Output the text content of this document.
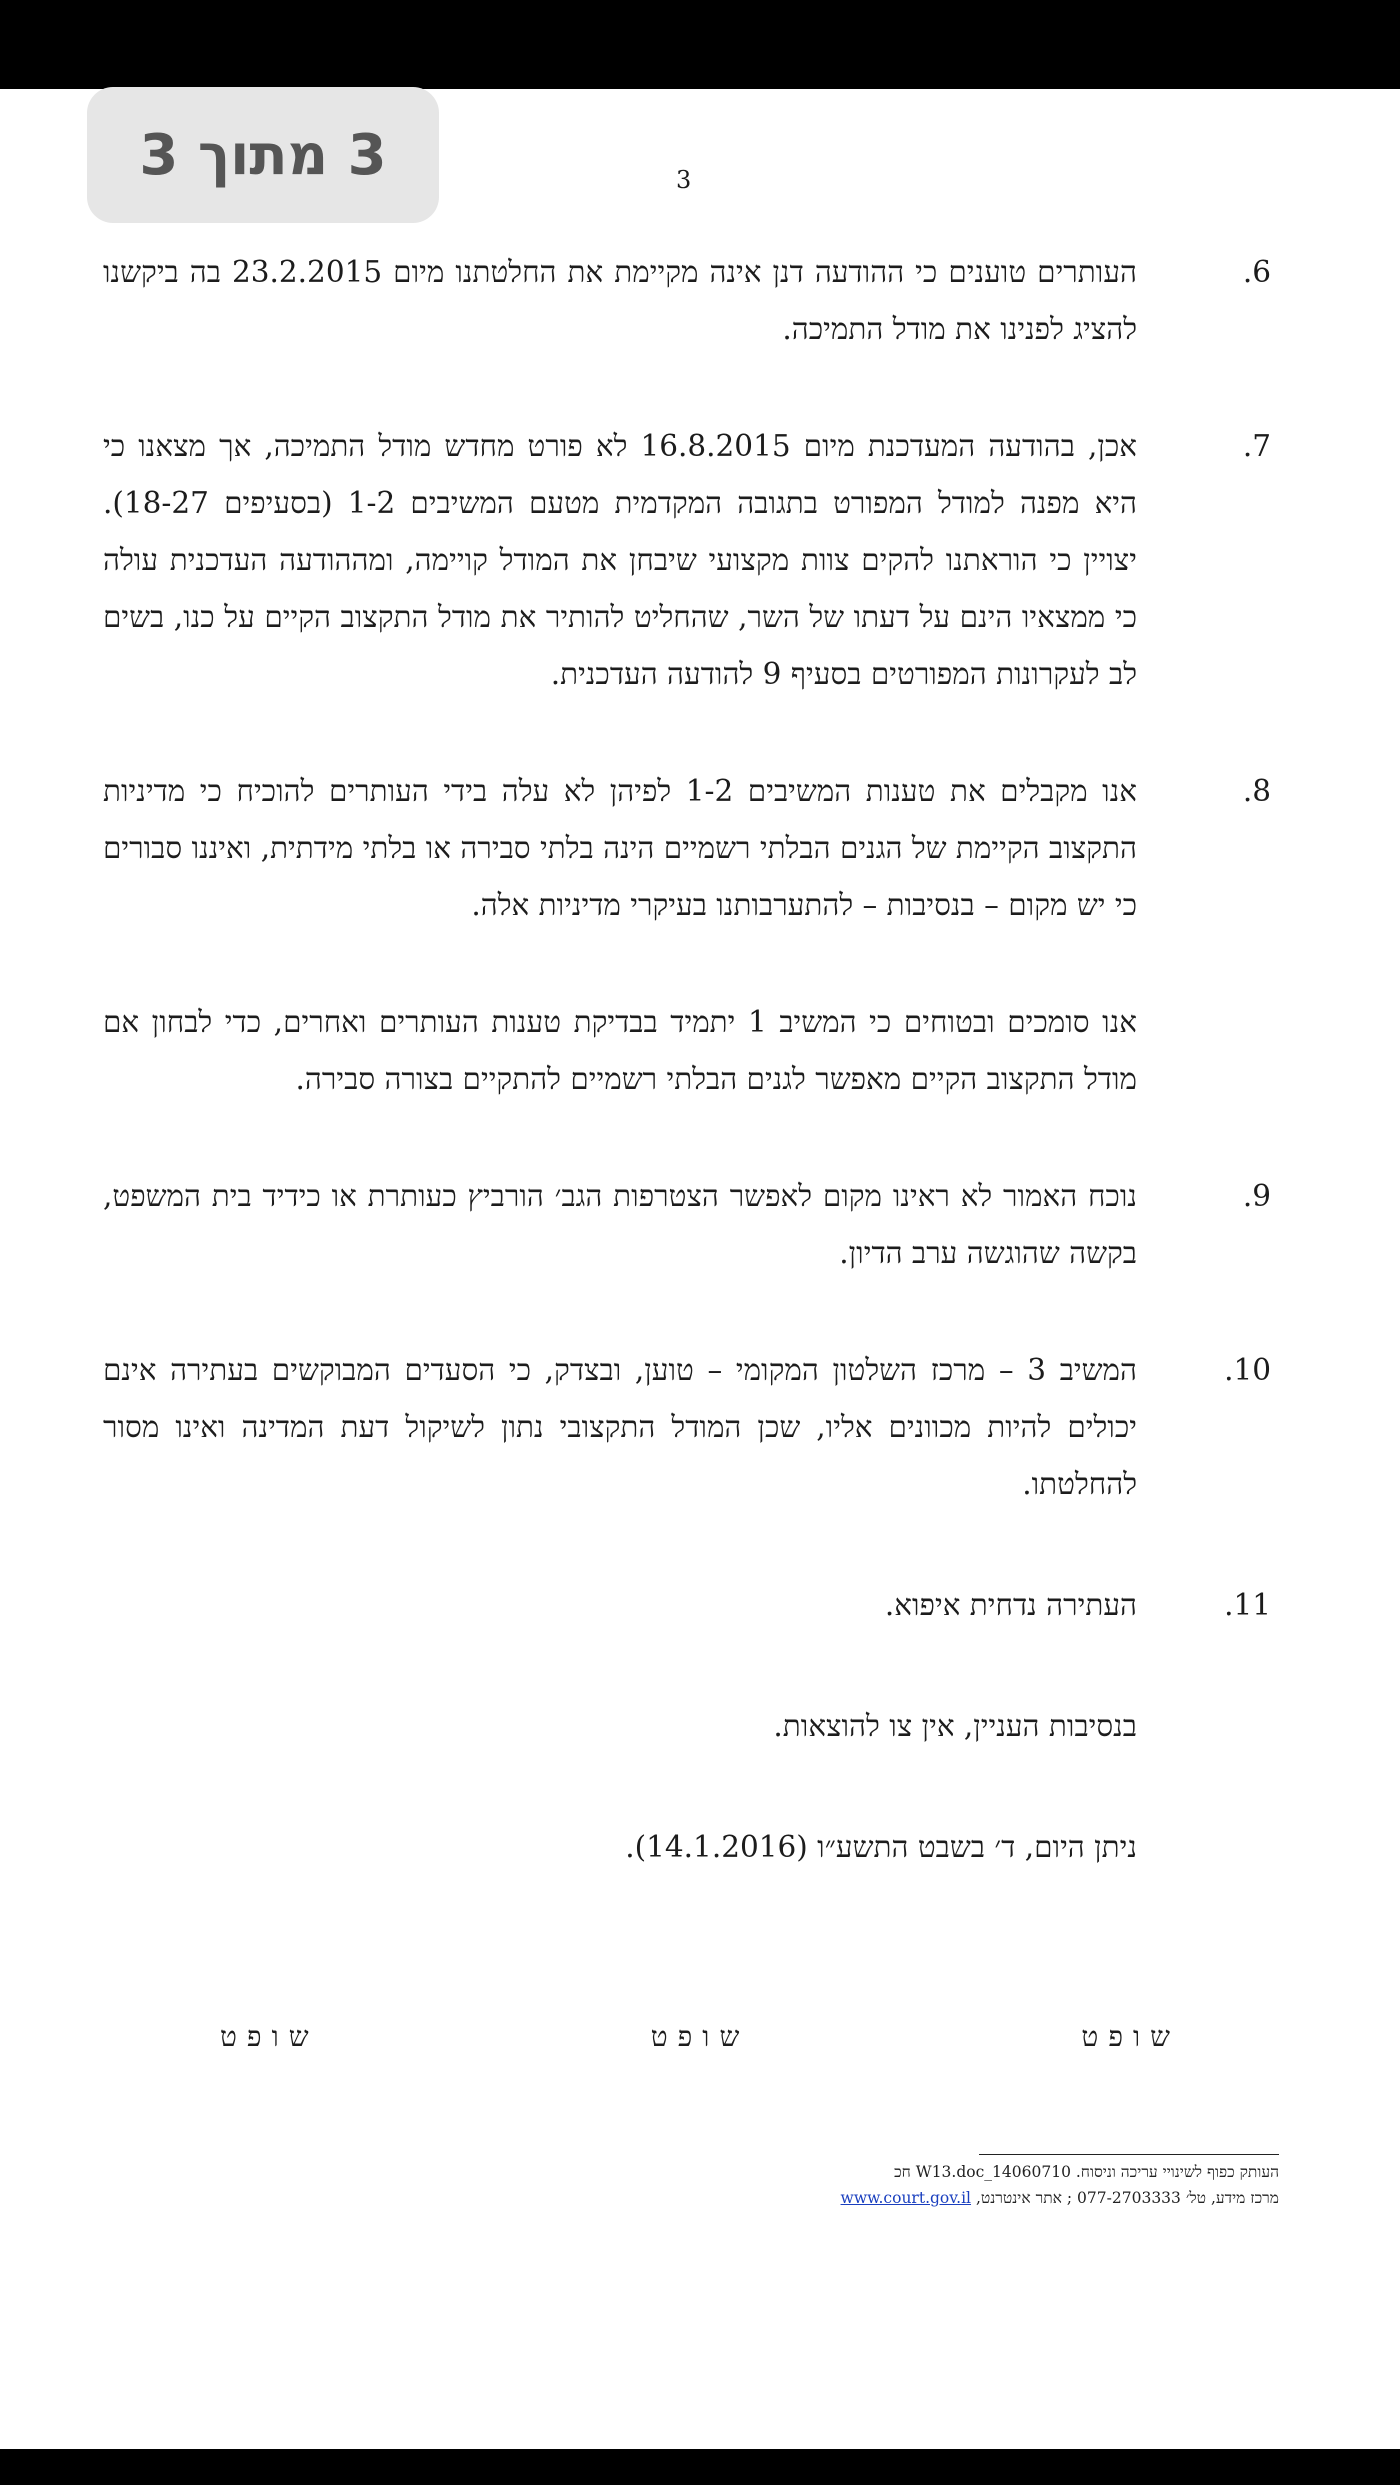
3 מתוך 3	3
6.
העותרים טוענים כי ההודעה דנן אינה מקיימת את החלטתנו מיום 23.2.2015 בה ביקשנו להציג לפנינו את מודל התמיכה.
7.
אכן, בהודעה המעדכנת מיום 16.8.2015 לא פורט מחדש מודל התמיכה, אך מצאנו כי היא מפנה למודל המפורט בתגובה המקדמית מטעם המשיבים 1-2 (בסעיפים 18-27). יצויין כי הוראתנו להקים צוות מקצועי שיבחן את המודל קויימה, ומההודעה העדכנית עולה כי ממצאיו הינם על דעתו של השר, שהחליט להותיר את מודל התקצוב הקיים על כנו, בשים לב לעקרונות המפורטים בסעיף 9 להודעה העדכנית.
8.
אנו מקבלים את טענות המשיבים 1-2 לפיהן לא עלה בידי העותרים להוכיח כי מדיניות התקצוב הקיימת של הגנים הבלתי רשמיים הינה בלתי סבירה או בלתי מידתית, ואיננו סבורים כי יש מקום – בנסיבות – להתערבותנו בעיקרי מדיניות אלה.
אנו סומכים ובטוחים כי המשיב 1 יתמיד בבדיקת טענות העותרים ואחרים, כדי לבחון אם מודל התקצוב הקיים מאפשר לגנים הבלתי רשמיים להתקיים בצורה סבירה.
9.
נוכח האמור לא ראינו מקום לאפשר הצטרפות הגב׳ הורביץ כעותרת או כידיד בית המשפט, בקשה שהוגשה ערב הדיון.
10.
המשיב 3 – מרכז השלטון המקומי – טוען, ובצדק, כי הסעדים המבוקשים בעתירה אינם יכולים להיות מכוונים אליו, שכן המודל התקצובי נתון לשיקול דעת המדינה ואינו מסור להחלטתו.
11.
העתירה נדחית איפוא.
בנסיבות העניין, אין צו להוצאות.
ניתן היום, ד׳ בשבט התשע״ו (14.1.2016).
שופט
שופט
שופט
העותק כפוף לשינויי עריכה וניסוח. 14060710_W13.doc חכ
מרכז מידע, טל׳ 077-2703333 ; אתר אינטרנט, www.court.gov.il
